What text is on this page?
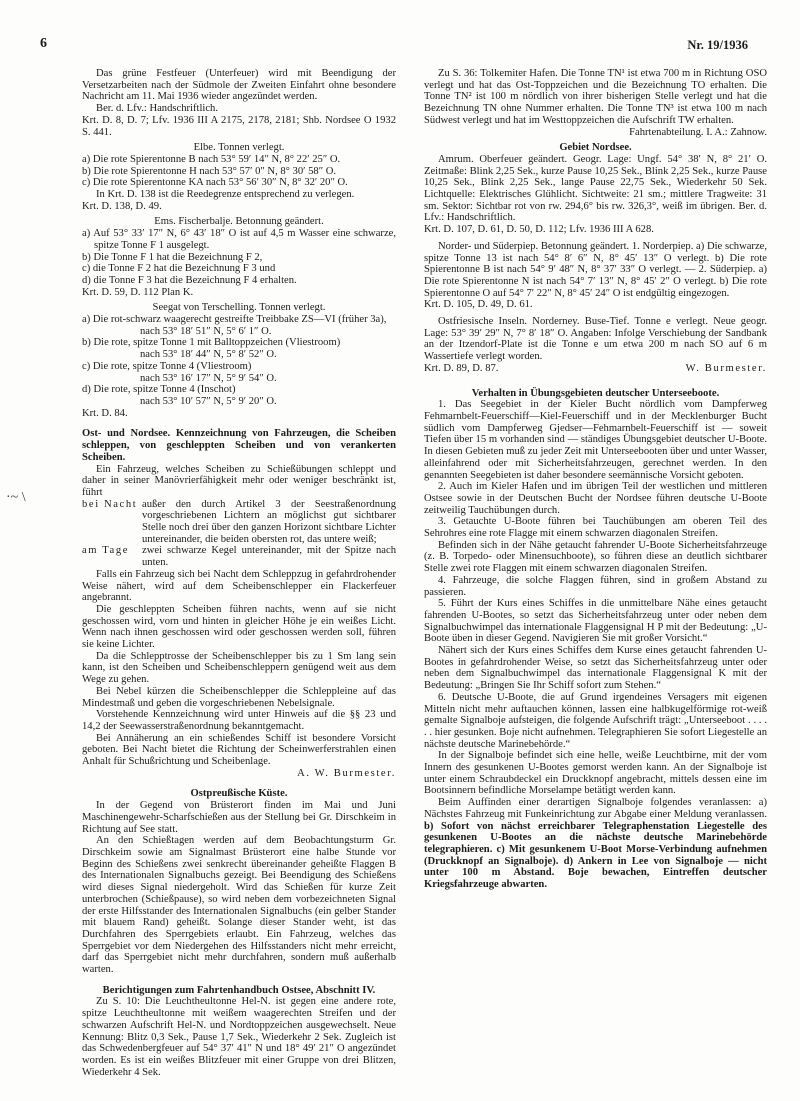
6	Nr. 19/1936
·~ \

Das grüne Festfeuer (Unterfeuer) wird mit Beendigung der Versetzarbeiten nach der Südmole der Zweiten Einfahrt ohne besondere Nachricht am 11. Mai 1936 wieder angezündet werden.

Ber. d. Lfv.: Handschriftlich.

Krt. D. 8, D. 7; Lfv. 1936 III A 2175, 2178, 2181; Shb. Nordsee O 1932 S. 441.

Elbe. Tonnen verlegt.

a) Die rote Spierentonne B nach 53° 59′ 14″ N, 8° 22′ 25″ O.

b) Die rote Spierentonne H nach 53° 57′ 0″ N, 8° 30′ 58″ O.

c) Die rote Spierentonne KA nach 53° 56′ 30″ N, 8° 32′ 20″ O.

In Krt. D. 138 ist die Reedegrenze entsprechend zu verlegen.

Krt. D. 138, D. 49.

Ems. Fischerbalje. Betonnung geändert.

a) Auf 53° 33′ 17″ N, 6° 43′ 18″ O ist auf 4,5 m Wasser eine schwarze, spitze Tonne F 1 ausgelegt.

b) Die Tonne F 1 hat die Bezeichnung F 2,

c) die Tonne F 2 hat die Bezeichnung F 3 und

d) die Tonne F 3 hat die Bezeichnung F 4 erhalten.

Krt. D. 59, D. 112 Plan K.

Seegat von Terschelling. Tonnen verlegt.

a) Die rot-schwarz waagerecht gestreifte Treibbake ZS—VI (früher 3a),

nach 53° 18′ 51″ N, 5° 6′ 1″ O.

b) Die rote, spitze Tonne 1 mit Balltoppzeichen (Vliestroom)

nach 53° 18′ 44″ N, 5° 8′ 52″ O.

c) Die rote, spitze Tonne 4 (Vliestroom)

nach 53° 16′ 17″ N, 5° 9′ 54″ O.

d) Die rote, spitze Tonne 4 (Inschot)

nach 53° 10′ 57″ N, 5° 9′ 20″ O.

Krt. D. 84.

Ost- und Nordsee. Kennzeichnung von Fahrzeugen, die Scheiben schleppen, von geschleppten Scheiben und von verankerten Scheiben.

Ein Fahrzeug, welches Scheiben zu Schießübungen schleppt und daher in seiner Manövrierfähigkeit mehr oder weniger beschränkt ist, führt

bei Nacht außer den durch Artikel 3 der Seestraßenordnung vorgeschriebenen Lichtern an möglichst gut sichtbarer Stelle noch drei über den ganzen Horizont sichtbare Lichter untereinander, die beiden obersten rot, das untere weiß;
am Tage	zwei schwarze Kegel untereinander, mit der Spitze nach unten.

Falls ein Fahrzeug sich bei Nacht dem Schleppzug in gefahrdrohender Weise nähert, wird auf dem Scheibenschlepper ein Flackerfeuer angebrannt.

Die geschleppten Scheiben führen nachts, wenn auf sie nicht geschossen wird, vorn und hinten in gleicher Höhe je ein weißes Licht. Wenn nach ihnen geschossen wird oder geschossen werden soll, führen sie keine Lichter.

Da die Schlepptrosse der Scheibenschlepper bis zu 1 Sm lang sein kann, ist den Scheiben und Scheibenschleppern genügend weit aus dem Wege zu gehen.

Bei Nebel kürzen die Scheibenschlepper die Schleppleine auf das Mindestmaß und geben die vorgeschriebenen Nebelsignale.

Vorstehende Kennzeichnung wird unter Hinweis auf die §§ 23 und 14,2 der Seewasserstraßenordnung bekanntgemacht.

Bei Annäherung an ein schießendes Schiff ist besondere Vorsicht geboten. Bei Nacht bietet die Richtung der Scheinwerferstrahlen einen Anhalt für Schußrichtung und Scheibenlage.

A. W. Burmester.

Ostpreußische Küste.

In der Gegend von Brüsterort finden im Mai und Juni Maschinengewehr-Scharfschießen aus der Stellung bei Gr. Dirschkeim in Richtung auf See statt.

An den Schießtagen werden auf dem Beobachtungsturm Gr. Dirschkeim sowie am Signalmast Brüsterort eine halbe Stunde vor Beginn des Schießens zwei senkrecht übereinander geheißte Flaggen B des Internationalen Signalbuchs gezeigt. Bei Beendigung des Schießens wird dieses Signal niedergeholt. Wird das Schießen für kurze Zeit unterbrochen (Schießpause), so wird neben dem vorbezeichneten Signal der erste Hilfsstander des Internationalen Signalbuchs (ein gelber Stander mit blauem Rand) geheißt. Solange dieser Stander weht, ist das Durchfahren des Sperrgebiets erlaubt. Ein Fahrzeug, welches das Sperrgebiet vor dem Niedergehen des Hilfsstanders nicht mehr erreicht, darf das Sperrgebiet nicht mehr durchfahren, sondern muß außerhalb warten.

Berichtigungen zum Fahrtenhandbuch Ostsee, Abschnitt IV.

Zu S. 10: Die Leuchtheultonne Hel-N. ist gegen eine andere rote, spitze Leuchtheultonne mit weißem waagerechten Streifen und der schwarzen Aufschrift Hel-N. und Nordtoppzeichen ausgewechselt. Neue Kennung: Blitz 0,3 Sek., Pause 1,7 Sek., Wiederkehr 2 Sek. Zugleich ist das Schwedenbergfeuer auf 54° 37′ 41″ N und 18° 49′ 21″ O angezündet worden. Es ist ein weißes Blitzfeuer mit einer Gruppe von drei Blitzen, Wiederkehr 4 Sek.

Zu S. 36: Tolkemiter Hafen. Die Tonne TN¹ ist etwa 700 m in Richtung OSO verlegt und hat das Ost-Toppzeichen und die Bezeichnung TO erhalten. Die Tonne TN² ist 100 m nördlich von ihrer bisherigen Stelle verlegt und hat die Bezeichnung TN ohne Nummer erhalten. Die Tonne TN³ ist etwa 100 m nach Südwest verlegt und hat im Westtoppzeichen die Aufschrift TW erhalten.

Fahrtenabteilung. I. A.: Zahnow.

Gebiet Nordsee.

Amrum. Oberfeuer geändert. Geogr. Lage: Ungf. 54° 38′ N, 8° 21′ O. Zeitmaße: Blink 2,25 Sek., kurze Pause 10,25 Sek., Blink 2,25 Sek., kurze Pause 10,25 Sek., Blink 2,25 Sek., lange Pause 22,75 Sek., Wiederkehr 50 Sek. Lichtquelle: Elektrisches Glühlicht. Sichtweite: 21 sm.; mittlere Tragweite: 31 sm. Sektor: Sichtbar rot von rw. 294,6° bis rw. 326,3°, weiß im übrigen. Ber. d. Lfv.: Handschriftlich.

Krt. D. 107, D. 61, D. 50, D. 112; Lfv. 1936 III A 628.

Norder- und Süderpiep. Betonnung geändert. 1. Norderpiep. a) Die schwarze, spitze Tonne 13 ist nach 54° 8′ 6″ N, 8° 45′ 13″ O verlegt. b) Die rote Spierentonne B ist nach 54° 9′ 48″ N, 8° 37′ 33″ O verlegt. — 2. Süderpiep. a) Die rote Spierentonne N ist nach 54° 7′ 13″ N, 8° 45′ 2″ O verlegt. b) Die rote Spierentonne O auf 54° 7′ 22″ N, 8° 45′ 24″ O ist endgültig eingezogen.

Krt. D. 105, D. 49, D. 61.

Ostfriesische Inseln. Norderney. Buse-Tief. Tonne e verlegt. Neue geogr. Lage: 53° 39′ 29″ N, 7° 8′ 18″ O. Angaben: Infolge Verschiebung der Sandbank an der Itzendorf-Plate ist die Tonne e um etwa 200 m nach SO auf 6 m Wassertiefe verlegt worden.

Krt. D. 89, D. 87.	W. Burmester.

Verhalten in Übungsgebieten deutscher Unterseeboote.

1. Das Seegebiet in der Kieler Bucht nördlich vom Dampferweg Fehmarnbelt-Feuerschiff—Kiel-Feuerschiff und in der Mecklenburger Bucht südlich vom Dampferweg Gjedser—Fehmarnbelt-Feuerschiff ist — soweit Tiefen über 15 m vorhanden sind — ständiges Übungsgebiet deutscher U-Boote. In diesen Gebieten muß zu jeder Zeit mit Unterseebooten über und unter Wasser, alleinfahrend oder mit Sicherheitsfahrzeugen, gerechnet werden. In den genannten Seegebieten ist daher besondere seemännische Vorsicht geboten.

2. Auch im Kieler Hafen und im übrigen Teil der westlichen und mittleren Ostsee sowie in der Deutschen Bucht der Nordsee führen deutsche U-Boote zeitweilig Tauchübungen durch.

3. Getauchte U-Boote führen bei Tauchübungen am oberen Teil des Sehrohres eine rote Flagge mit einem schwarzen diagonalen Streifen.

Befinden sich in der Nähe getaucht fahrender U-Boote Sicherheitsfahrzeuge (z. B. Torpedo- oder Minensuchboote), so führen diese an deutlich sichtbarer Stelle zwei rote Flaggen mit einem schwarzen diagonalen Streifen.

4. Fahrzeuge, die solche Flaggen führen, sind in großem Abstand zu passieren.

5. Führt der Kurs eines Schiffes in die unmittelbare Nähe eines getaucht fahrenden U-Bootes, so setzt das Sicherheitsfahrzeug unter oder neben dem Signalbuchwimpel das internationale Flaggensignal H P mit der Bedeutung: „U-Boote üben in dieser Gegend. Navigieren Sie mit großer Vorsicht.“

Nähert sich der Kurs eines Schiffes dem Kurse eines getaucht fahrenden U-Bootes in gefahrdrohender Weise, so setzt das Sicherheitsfahrzeug unter oder neben dem Signalbuchwimpel das internationale Flaggensignal K mit der Bedeutung: „Bringen Sie Ihr Schiff sofort zum Stehen.“

6. Deutsche U-Boote, die auf Grund irgendeines Versagers mit eigenen Mitteln nicht mehr auftauchen können, lassen eine halbkugelförmige rot-weiß gemalte Signalboje aufsteigen, die folgende Aufschrift trägt: „Unterseeboot . . . . . . hier gesunken. Boje nicht aufnehmen. Telegraphieren Sie sofort Liegestelle an nächste deutsche Marinebehörde.“

In der Signalboje befindet sich eine helle, weiße Leuchtbirne, mit der vom Innern des gesunkenen U-Bootes gemorst werden kann. An der Signalboje ist unter einem Schraubdeckel ein Druckknopf angebracht, mittels dessen eine im Bootsinnern befindliche Morselampe betätigt werden kann.

Beim Auffinden einer derartigen Signalboje folgendes veranlassen: a) Nächstes Fahrzeug mit Funkeinrichtung zur Abgabe einer Meldung veranlassen. b) Sofort von nächst erreichbarer Telegraphenstation Liegestelle des gesunkenen U-Bootes an die nächste deutsche Marinebehörde telegraphieren. c) Mit gesunkenem U-Boot Morse-Verbindung aufnehmen (Druckknopf an Signalboje). d) Ankern in Lee von Signalboje — nicht unter 100 m Abstand. Boje bewachen, Eintreffen deutscher Kriegsfahrzeuge abwarten.
